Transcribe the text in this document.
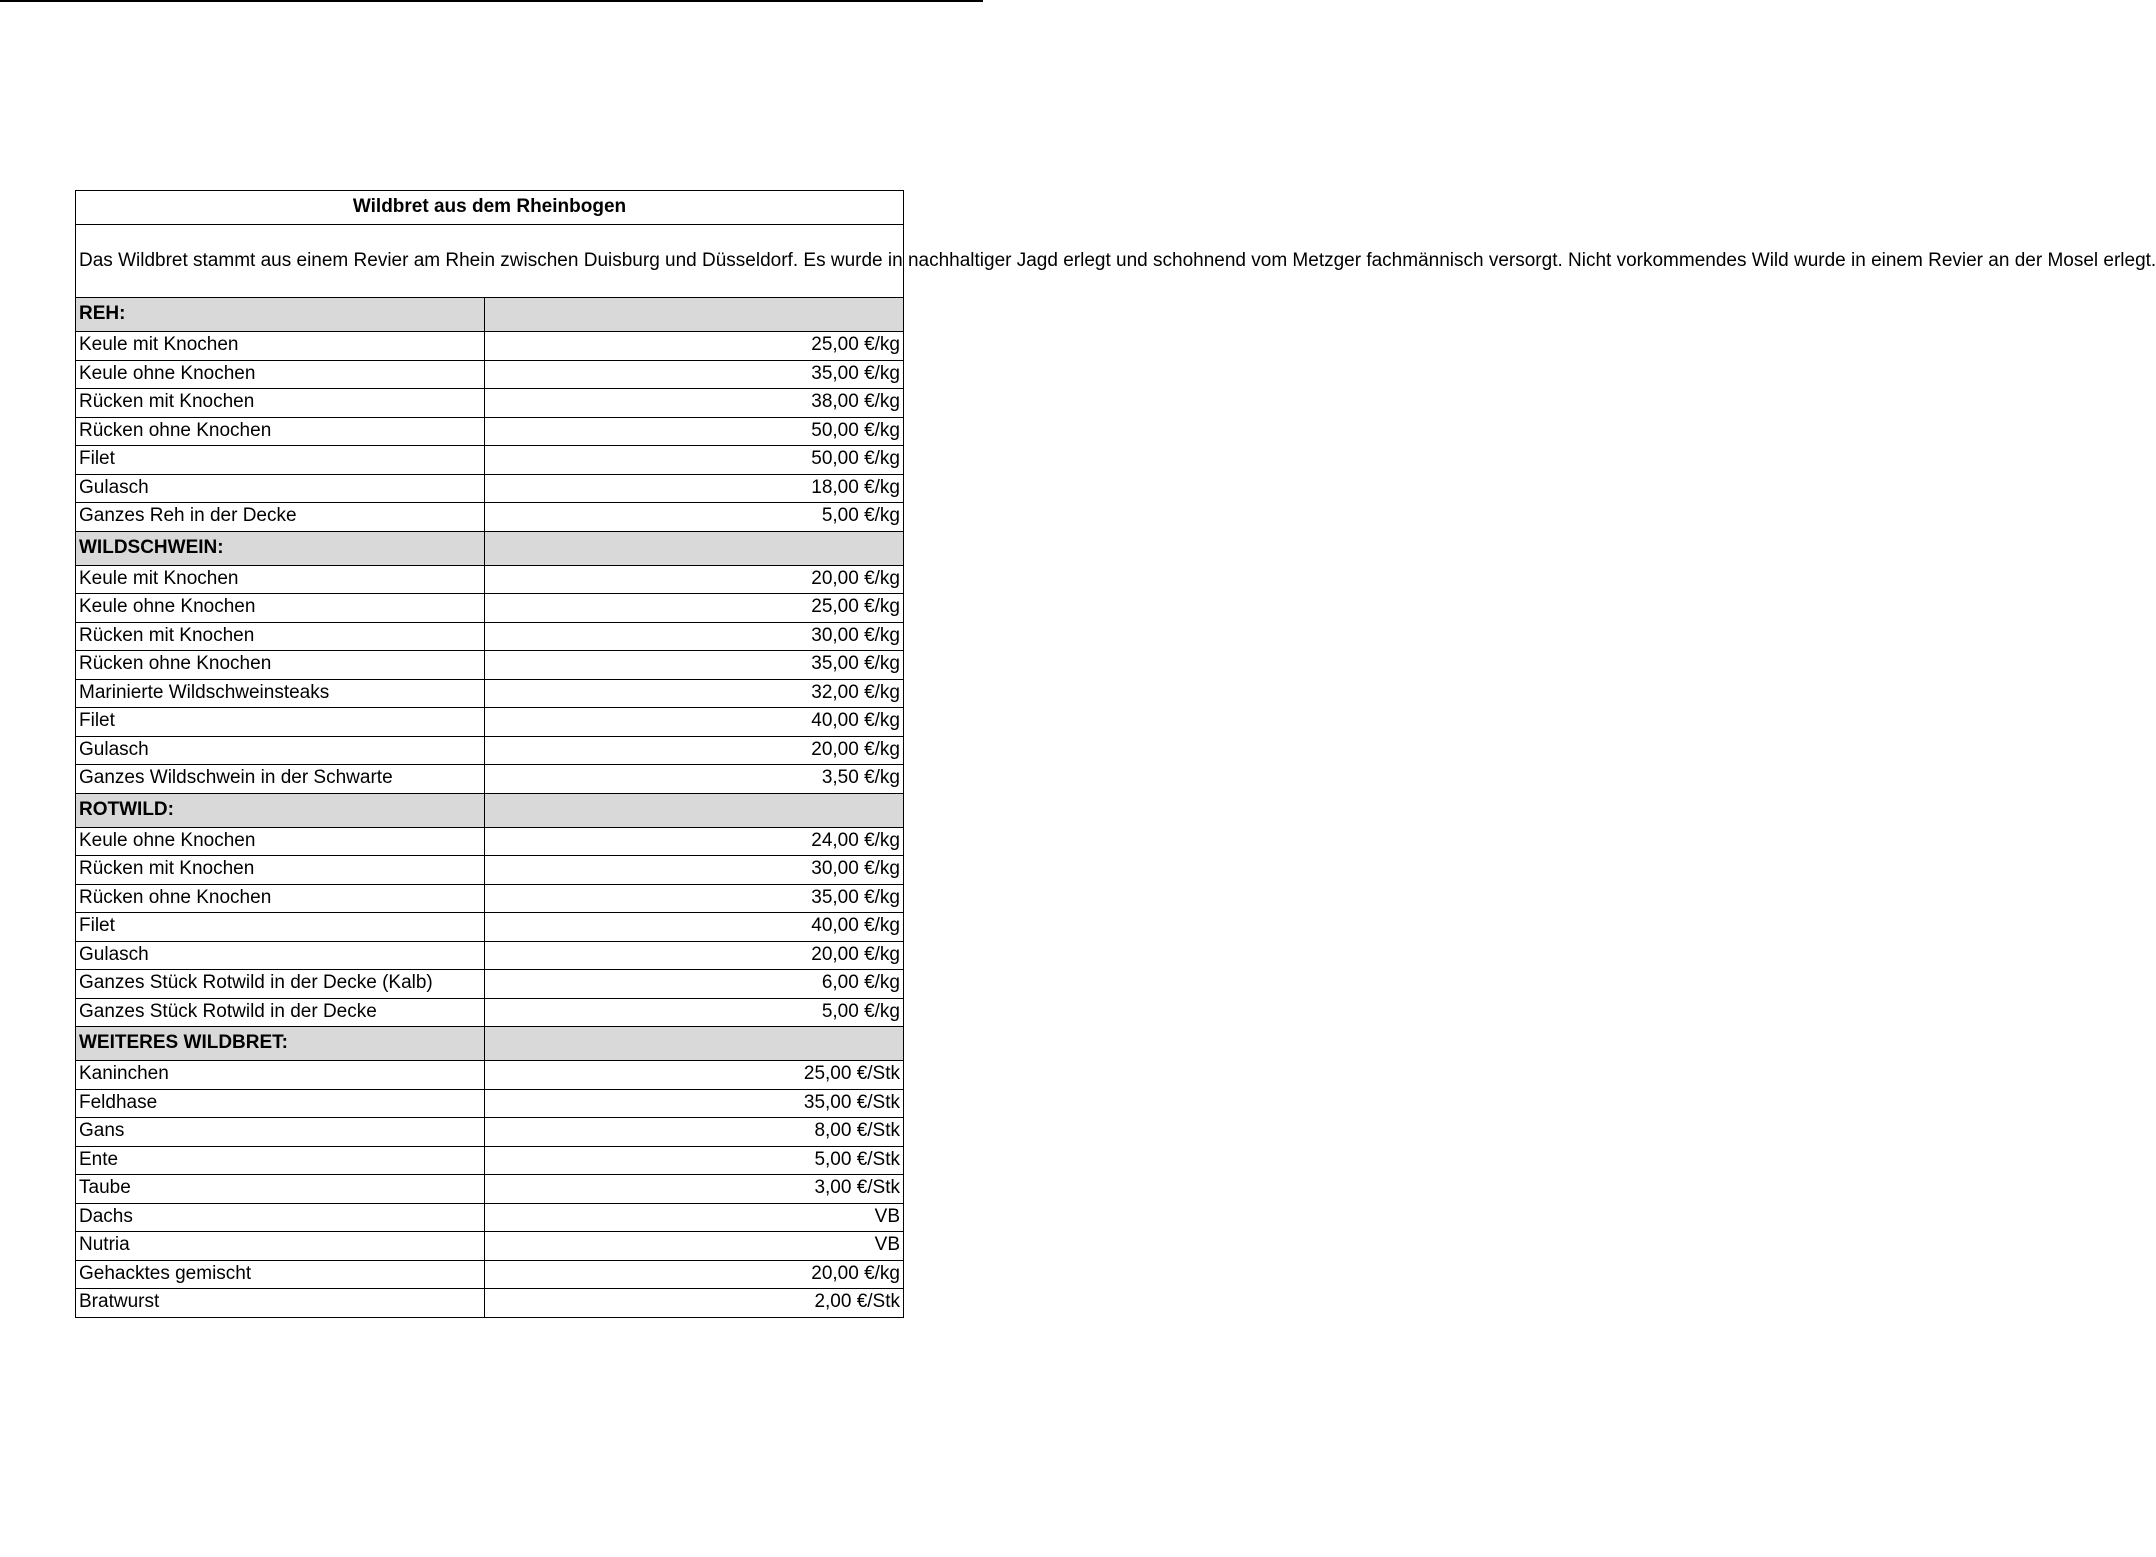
Wildbret aus dem Rheinbogen	
Das Wildbret stammt aus einem Revier am Rhein zwischen Duisburg und Düsseldorf. Es wurde in nachhaltiger Jagd erlegt und schohnend vom Metzger fachmännisch versorgt. Nicht vorkommendes Wild wurde in einem Revier an der Mosel erlegt.	
REH:	
Keule mit Knochen	25,00 €/kg
Keule ohne Knochen	35,00 €/kg
Rücken mit Knochen	38,00 €/kg
Rücken ohne Knochen	50,00 €/kg
Filet	50,00 €/kg
Gulasch	18,00 €/kg
Ganzes Reh in der Decke	5,00 €/kg
WILDSCHWEIN:	
Keule mit Knochen	20,00 €/kg
Keule ohne Knochen	25,00 €/kg
Rücken mit Knochen	30,00 €/kg
Rücken ohne Knochen	35,00 €/kg
Marinierte Wildschweinsteaks	32,00 €/kg
Filet	40,00 €/kg
Gulasch	20,00 €/kg
Ganzes Wildschwein in der Schwarte	3,50 €/kg
ROTWILD:	
Keule ohne Knochen	24,00 €/kg
Rücken mit Knochen	30,00 €/kg
Rücken ohne Knochen	35,00 €/kg
Filet	40,00 €/kg
Gulasch	20,00 €/kg
Ganzes Stück Rotwild in der Decke (Kalb)	6,00 €/kg
Ganzes Stück Rotwild in der Decke	5,00 €/kg
WEITERES WILDBRET:	
Kaninchen	25,00 €/Stk
Feldhase	35,00 €/Stk
Gans	8,00 €/Stk
Ente	5,00 €/Stk
Taube	3,00 €/Stk
Dachs	VB
Nutria	VB
Gehacktes gemischt	20,00 €/kg
Bratwurst	2,00 €/Stk
